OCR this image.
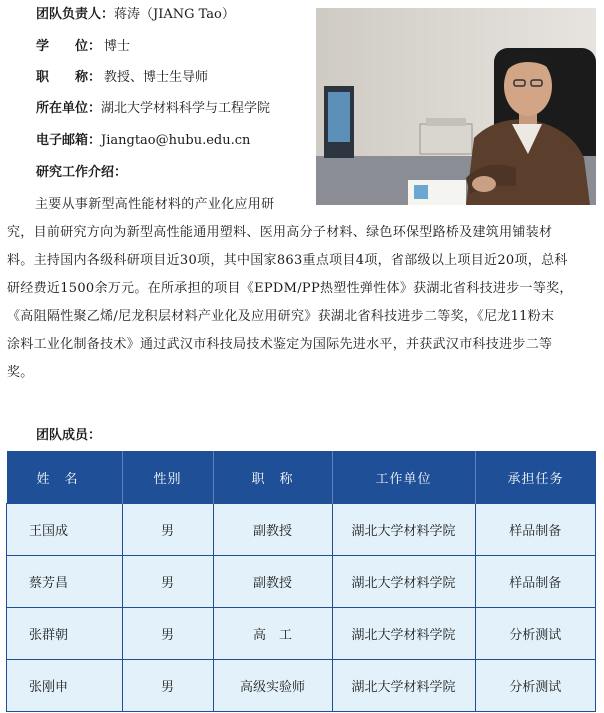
团队负责人：蒋涛（JIANG Tao）
学　　位： 博士
职　　称： 教授、博士生导师
所在单位：湖北大学材料科学与工程学院
电子邮箱：Jiangtao@hubu.edu.cn
研究工作介绍：
主要从事新型高性能材料的产业化应用研
究，目前研究方向为新型高性能通用塑料、医用高分子材料、绿色环保型路桥及建筑用铺装材
料。主持国内各级科研项目近30项，其中国家863重点项目4项，省部级以上项目近20项，总科
研经费近1500余万元。在所承担的项目《EPDM/PP热塑性弹性体》获湖北省科技进步一等奖，
《高阻隔性聚乙烯/尼龙积层材料产业化及应用研究》获湖北省科技进步二等奖，《尼龙11粉末
涂料工业化制备技术》通过武汉市科技局技术鉴定为国际先进水平，并获武汉市科技进步二等
奖。
团队成员：
姓　名	性别	职　称	工作单位	承担任务
王国成	男	副教授	湖北大学材料学院	样品制备
蔡芳昌	男	副教授	湖北大学材料学院	样品制备
张群朝	男	高　工	湖北大学材料学院	分析测试
张刚申	男	高级实验师	湖北大学材料学院	分析测试
